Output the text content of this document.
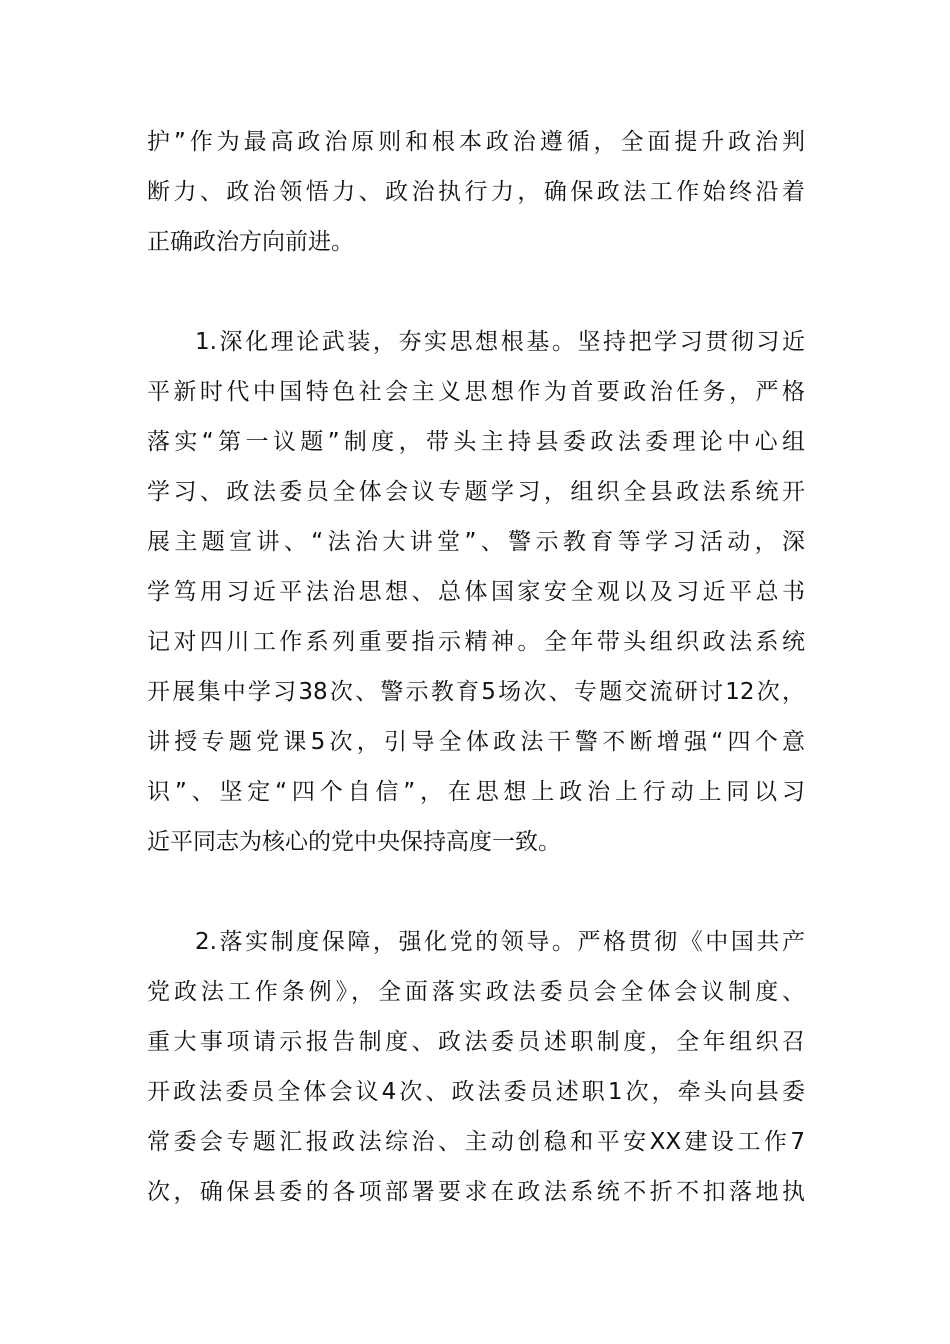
护”作为最高政治原则和根本政治遵循，全面提升政治判
断力、政治领悟力、政治执行力，确保政法工作始终沿着
正确政治方向前进。
1.深化理论武装，夯实思想根基。坚持把学习贯彻习近
平新时代中国特色社会主义思想作为首要政治任务，严格
落实“第一议题”制度，带头主持县委政法委理论中心组
学习、政法委员全体会议专题学习，组织全县政法系统开
展主题宣讲、“法治大讲堂”、警示教育等学习活动，深
学笃用习近平法治思想、总体国家安全观以及习近平总书
记对四川工作系列重要指示精神。全年带头组织政法系统
开展集中学习38次、警示教育5场次、专题交流研讨12次，
讲授专题党课5次，引导全体政法干警不断增强“四个意
识”、坚定“四个自信”，在思想上政治上行动上同以习
近平同志为核心的党中央保持高度一致。
2.落实制度保障，强化党的领导。严格贯彻《中国共产
党政法工作条例》，全面落实政法委员会全体会议制度、
重大事项请示报告制度、政法委员述职制度，全年组织召
开政法委员全体会议4次、政法委员述职1次，牵头向县委
常委会专题汇报政法综治、主动创稳和平安XX建设工作7
次，确保县委的各项部署要求在政法系统不折不扣落地执
